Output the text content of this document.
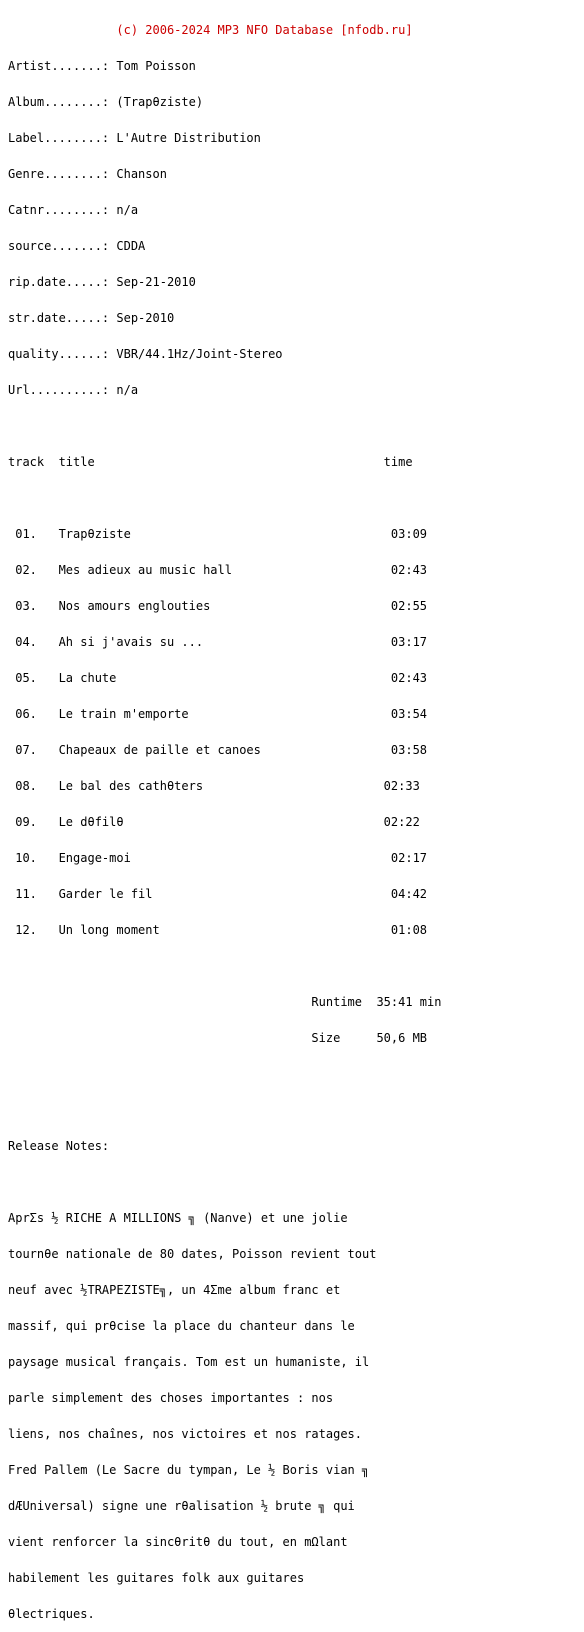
(c) 2006-2024 MP3 NFO Database [nfodb.ru]

Artist.......: Tom Poisson

Album........: (Trapθziste)

Label........: L'Autre Distribution

Genre........: Chanson

Catnr........: n/a

source.......: CDDA

rip.date.....: Sep-21-2010

str.date.....: Sep-2010

quality......: VBR/44.1Hz/Joint-Stereo

Url..........: n/a

track  title                                        time

01.   Trapθziste                                    03:09

02.   Mes adieux au music hall                      02:43

03.   Nos amours englouties                         02:55

04.   Ah si j'avais su ...                          03:17

05.   La chute                                      02:43

06.   Le train m'emporte                            03:54

07.   Chapeaux de paille et canoes                  03:58

08.   Le bal des cathθters                         02:33

09.   Le dθfilθ                                    02:22

10.   Engage-moi                                    02:17

11.   Garder le fil                                 04:42

12.   Un long moment                                01:08

Runtime  35:41 min

Size     50,6 MB

Release Notes:

AprΣs ½ RICHE A MILLIONS ╗ (Na∩ve) et une jolie

tournθe nationale de 80 dates, Poisson revient tout

neuf avec ½TRAPEZISTE╗, un 4Σme album franc et

massif, qui prθcise la place du chanteur dans le

paysage musical français. Tom est un humaniste, il

parle simplement des choses importantes : nos

liens, nos chaînes, nos victoires et nos ratages.

Fred Pallem (Le Sacre du tympan, Le ½ Boris vian ╗

dÆUniversal) signe une rθalisation ½ brute ╗ qui

vient renforcer la sincθritθ du tout, en mΩlant

habilement les guitares folk aux guitares

θlectriques.
